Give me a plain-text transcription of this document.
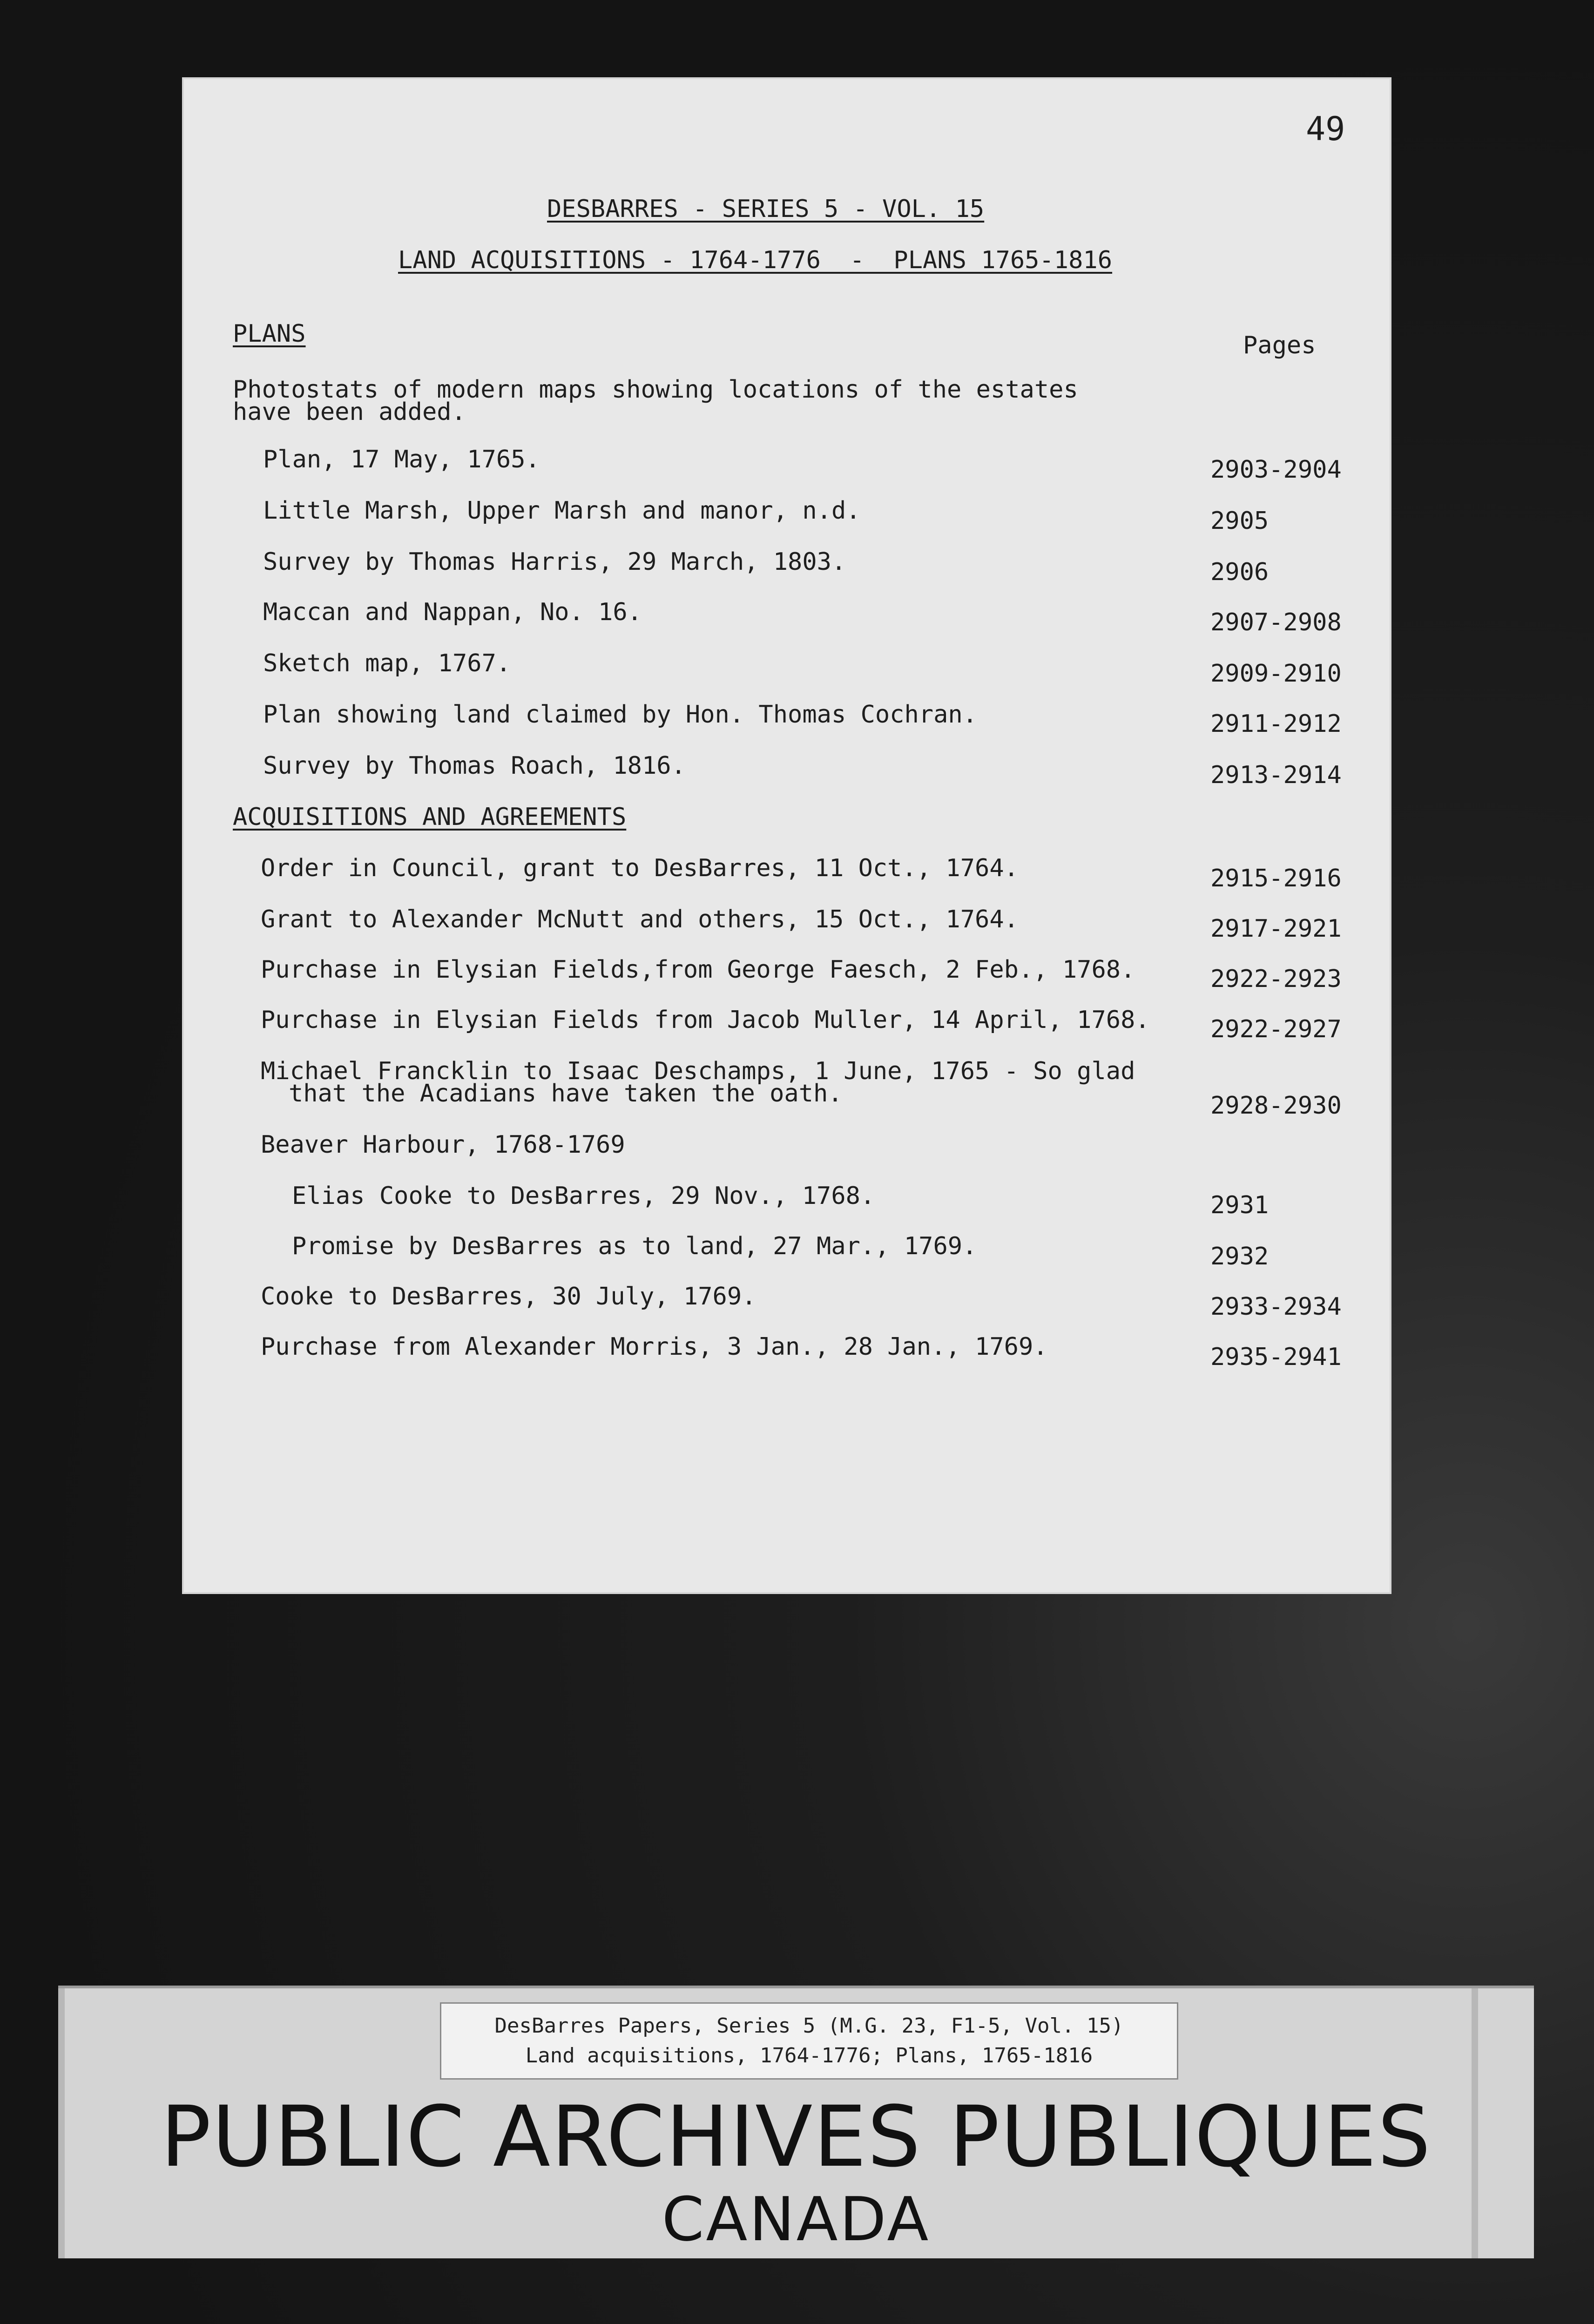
49
DESBARRES - SERIES 5 - VOL. 15
LAND ACQUISITIONS - 1764-1776  -  PLANS 1765-1816
PLANS	Pages
Photostats of modern maps showing locations of the estates
have been added.
Plan, 17 May, 1765.	2903-2904
Little Marsh, Upper Marsh and manor, n.d.	2905
Survey by Thomas Harris, 29 March, 1803.	2906
Maccan and Nappan, No. 16.	2907-2908
Sketch map, 1767.	2909-2910
Plan showing land claimed by Hon. Thomas Cochran.	2911-2912
Survey by Thomas Roach, 1816.	2913-2914
ACQUISITIONS AND AGREEMENTS
Order in Council, grant to DesBarres, 11 Oct., 1764.	2915-2916
Grant to Alexander McNutt and others, 15 Oct., 1764.	2917-2921
Purchase in Elysian Fields,from George Faesch, 2 Feb., 1768.	2922-2923
Purchase in Elysian Fields from Jacob Muller, 14 April, 1768.	2922-2927
Michael Francklin to Isaac Deschamps, 1 June, 1765 - So glad
that the Acadians have taken the oath.	2928-2930
Beaver Harbour, 1768-1769
Elias Cooke to DesBarres, 29 Nov., 1768.	2931
Promise by DesBarres as to land, 27 Mar., 1769.	2932
Cooke to DesBarres, 30 July, 1769.	2933-2934
Purchase from Alexander Morris, 3 Jan., 28 Jan., 1769.	2935-2941
DesBarres Papers, Series 5 (M.G. 23, F1-5, Vol. 15)
Land acquisitions, 1764-1776; Plans, 1765-1816
PUBLIC ARCHIVES PUBLIQUES
CANADA
